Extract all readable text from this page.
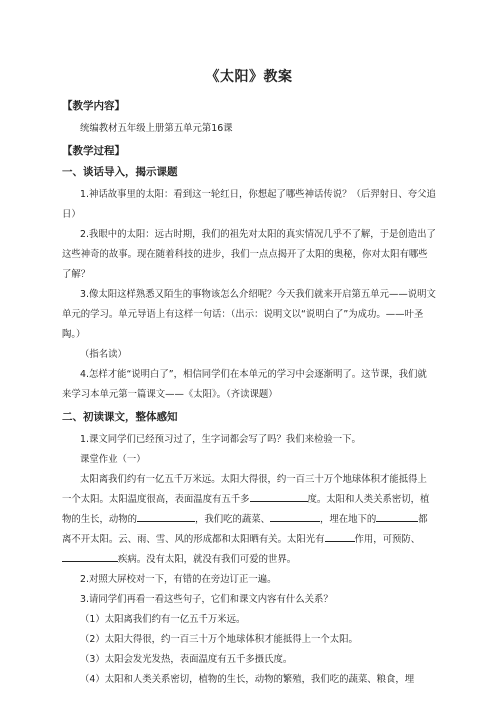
《太阳》教案
【教学内容】

统编教材五年级上册第五单元第16课

【教学过程】
一、谈话导入，揭示课题

1.神话故事里的太阳：看到这一轮红日，你想起了哪些神话传说？（后羿射日、夸父追日）

2.我眼中的太阳：远古时期，我们的祖先对太阳的真实情况几乎不了解，于是创造出了这些神奇的故事。现在随着科技的进步，我们一点点揭开了太阳的奥秘，你对太阳有哪些了解？

3.像太阳这样熟悉又陌生的事物该怎么介绍呢？今天我们就来开启第五单元——说明文单元的学习。单元导语上有这样一句话：（出示：说明文以“说明白了”为成功。——叶圣陶。）

（指名读）

4.怎样才能“说明白了”，相信同学们在本单元的学习中会逐渐明了。这节课，我们就来学习本单元第一篇课文——《太阳》。（齐读课题）

二、初读课文，整体感知

1.课文同学们已经预习过了，生字词都会写了吗？我们来检验一下。

课堂作业（一）

太阳离我们约有一亿五千万米远。太阳大得很，约一百三十万个地球体积才能抵得上一个太阳。太阳温度很高，表面温度有五千多	度。太阳和人类关系密切，植物的生长，动物的	，我们吃的蔬菜、	，埋在地下的	都离不开太阳。云、雨、雪、风的形成都和太阳晒有关。太阳光有	作用，可预防、疾病。没有太阳，就没有我们可爱的世界。

2.对照大屏校对一下，有错的在旁边订正一遍。

3.请同学们再看一看这些句子，它们和课文内容有什么关系？

（1）太阳离我们约有一亿五千万米远。

（2）太阳大得很，约一百三十万个地球体积才能抵得上一个太阳。

（3）太阳会发光发热，表面温度有五千多摄氏度。

（4）太阳和人类关系密切，植物的生长，动物的繁殖，我们吃的蔬菜、粮食，埋
